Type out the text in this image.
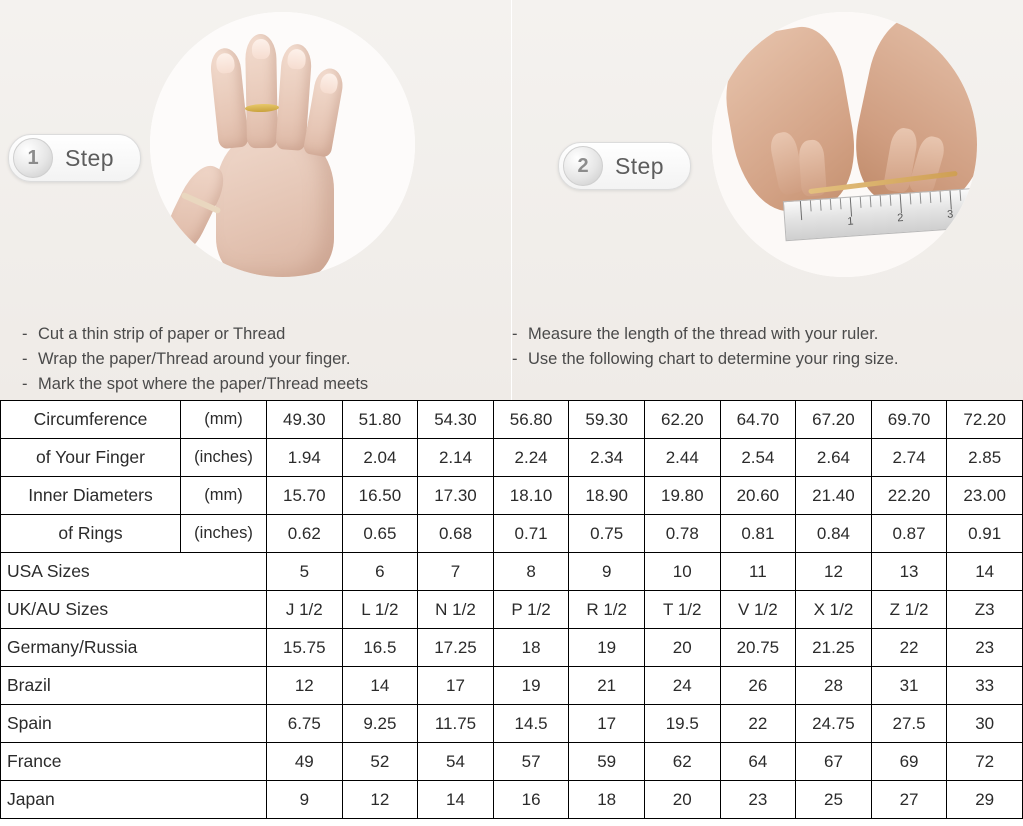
1	2	3
1	Step	2	Step
- Cut a thin strip of paper or Thread
- Wrap the paper/Thread around your finger.
- Mark the spot where the paper/Thread meets
- Measure the length of the thread with your ruler.
- Use the following chart to determine your ring size.
Circumference	(mm)	49.30	51.80	54.30	56.80	59.30	62.20	64.70	67.20	69.70	72.20
of Your Finger	(inches)	1.94	2.04	2.14	2.24	2.34	2.44	2.54	2.64	2.74	2.85
Inner Diameters	(mm)	15.70	16.50	17.30	18.10	18.90	19.80	20.60	21.40	22.20	23.00
of Rings	(inches)	0.62	0.65	0.68	0.71	0.75	0.78	0.81	0.84	0.87	0.91
USA Sizes		5	6	7	8	9	10	11	12	13	14
UK/AU Sizes		J 1/2	L 1/2	N 1/2	P 1/2	R 1/2	T 1/2	V 1/2	X 1/2	Z 1/2	Z3
Germany/Russia		15.75	16.5	17.25	18	19	20	20.75	21.25	22	23
Brazil		12	14	17	19	21	24	26	28	31	33
Spain		6.75	9.25	11.75	14.5	17	19.5	22	24.75	27.5	30
France		49	52	54	57	59	62	64	67	69	72
Japan		9	12	14	16	18	20	23	25	27	29
